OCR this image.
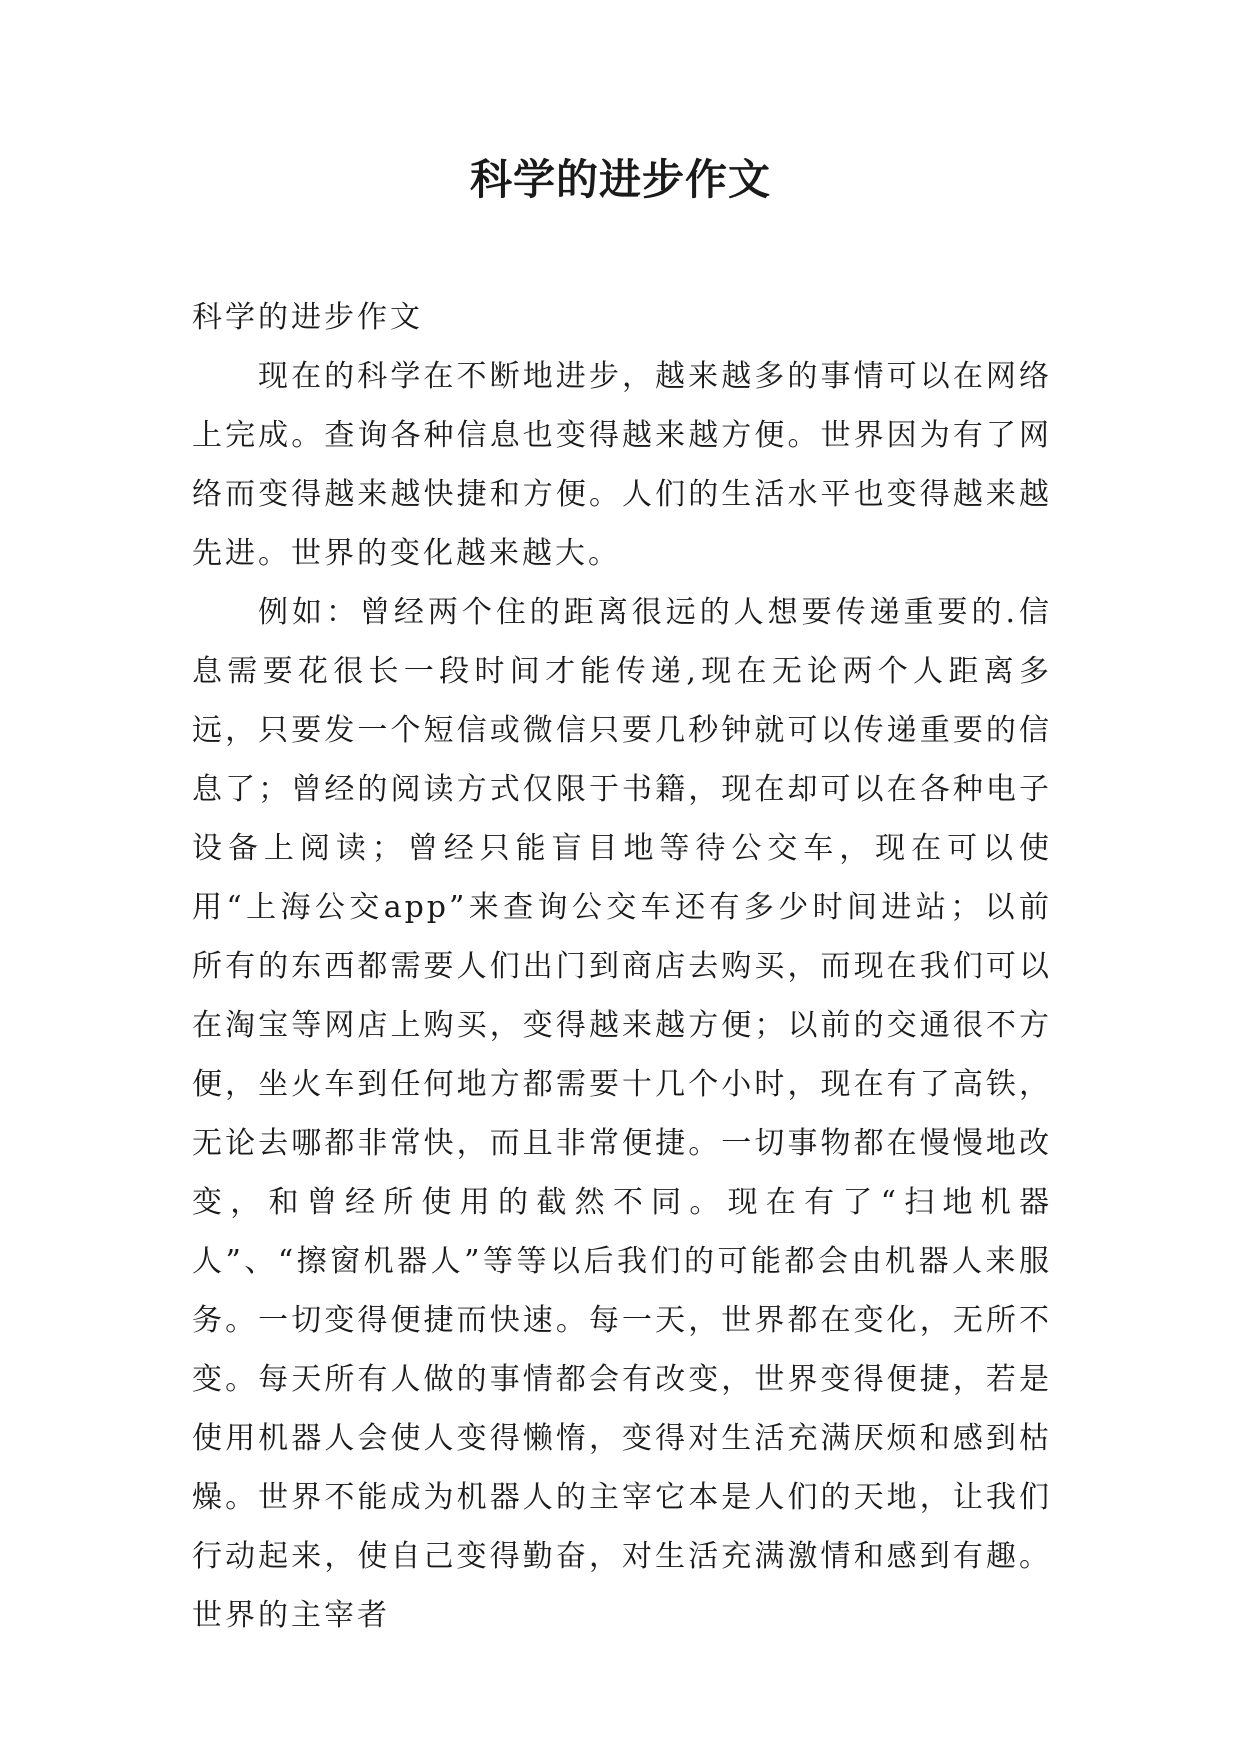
科学的进步作文

科学的进步作文

现在的科学在不断地进步，越来越多的事情可以在网络上完成。查询各种信息也变得越来越方便。世界因为有了网络而变得越来越快捷和方便。人们的生活水平也变得越来越先进。世界的变化越来越大。

例如：曾经两个住的距离很远的人想要传递重要的.信息需要花很长一段时间才能传递,现在无论两个人距离多远，只要发一个短信或微信只要几秒钟就可以传递重要的信息了；曾经的阅读方式仅限于书籍，现在却可以在各种电子设备上阅读；曾经只能盲目地等待公交车，现在可以使用“上海公交app”来查询公交车还有多少时间进站；以前所有的东西都需要人们出门到商店去购买，而现在我们可以在淘宝等网店上购买，变得越来越方便；以前的交通很不方便，坐火车到任何地方都需要十几个小时，现在有了高铁，无论去哪都非常快，而且非常便捷。一切事物都在慢慢地改变，和曾经所使用的截然不同。现在有了“扫地机器人”、“擦窗机器人”等等以后我们的可能都会由机器人来服务。一切变得便捷而快速。每一天，世界都在变化，无所不变。每天所有人做的事情都会有改变，世界变得便捷，若是使用机器人会使人变得懒惰，变得对生活充满厌烦和感到枯燥。世界不能成为机器人的主宰它本是人们的天地，让我们行动起来，使自己变得勤奋，对生活充满激情和感到有趣。世界的主宰者
